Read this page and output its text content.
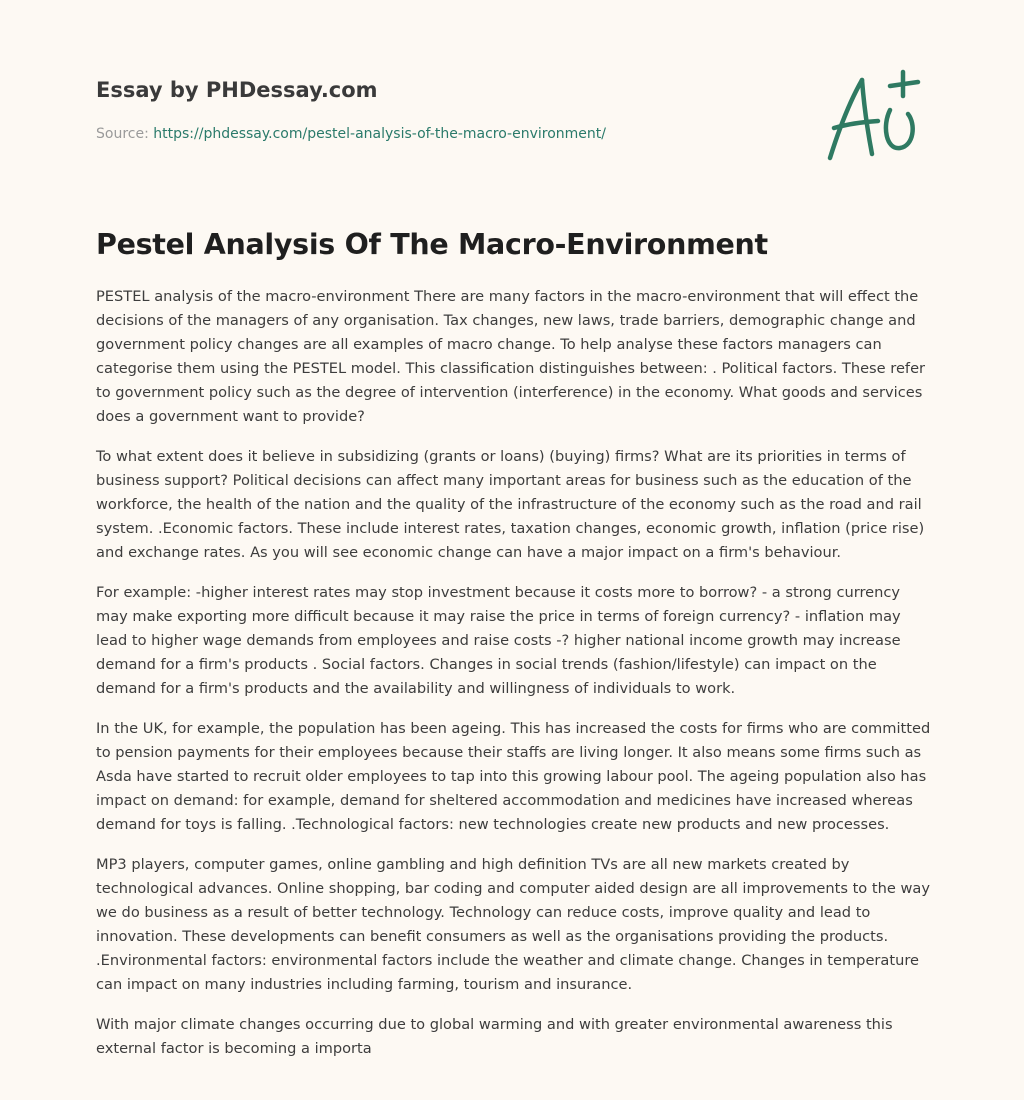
Essay by PHDessay.com
Source: https://phdessay.com/pestel-analysis-of-the-macro-environment/
Pestel Analysis Of The Macro-Environment

PESTEL analysis of the macro-environment There are many factors in the macro-environment that will effect the decisions of the managers of any organisation. Tax changes, new laws, trade barriers, demographic change and government policy changes are all examples of macro change. To help analyse these factors managers can categorise them using the PESTEL model. This classification distinguishes between: . Political factors. These refer to government policy such as the degree of intervention (interference) in the economy. What goods and services does a government want to provide?

To what extent does it believe in subsidizing (grants or loans) (buying) firms? What are its priorities in terms of business support? Political decisions can affect many important areas for business such as the education of the workforce, the health of the nation and the quality of the infrastructure of the economy such as the road and rail system. .Economic factors. These include interest rates, taxation changes, economic growth, inflation (price rise) and exchange rates. As you will see economic change can have a major impact on a firm's behaviour.

For example: -higher interest rates may stop investment because it costs more to borrow? - a strong currency may make exporting more difficult because it may raise the price in terms of foreign currency? - inflation may lead to higher wage demands from employees and raise costs -? higher national income growth may increase demand for a firm's products . Social factors. Changes in social trends (fashion/lifestyle) can impact on the demand for a firm's products and the availability and willingness of individuals to work.

In the UK, for example, the population has been ageing. This has increased the costs for firms who are committed to pension payments for their employees because their staffs are living longer. It also means some firms such as Asda have started to recruit older employees to tap into this growing labour pool. The ageing population also has impact on demand: for example, demand for sheltered accommodation and medicines have increased whereas demand for toys is falling. .Technological factors: new technologies create new products and new processes.

MP3 players, computer games, online gambling and high definition TVs are all new markets created by technological advances. Online shopping, bar coding and computer aided design are all improvements to the way we do business as a result of better technology. Technology can reduce costs, improve quality and lead to innovation. These developments can benefit consumers as well as the organisations providing the products. .Environmental factors: environmental factors include the weather and climate change. Changes in temperature can impact on many industries including farming, tourism and insurance.

With major climate changes occurring due to global warming and with greater environmental awareness this external factor is becoming a importa
